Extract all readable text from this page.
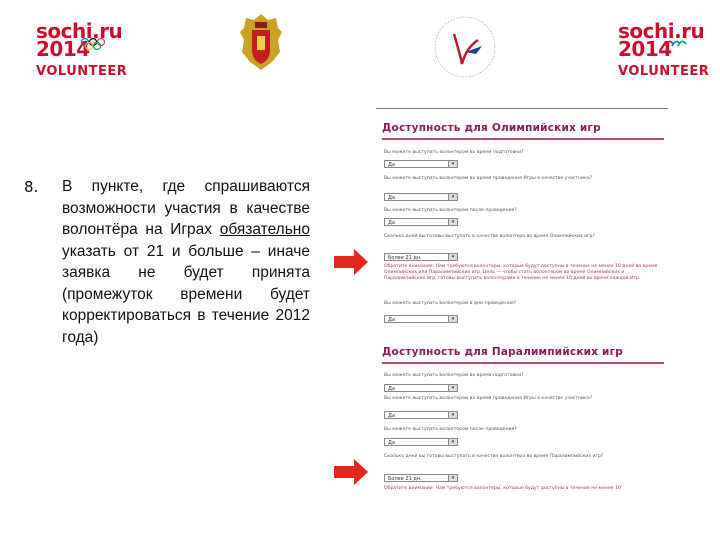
sochi.ru
2014
VOLUNTEER
sochi.ru
2014
VOLUNTEER
8. В пункте, где спрашиваются возможности участия в качестве волонтёра на Играх обязательно указать от 21 и больше – иначе заявка не будет принята (промежуток времени будет корректироваться в течение 2012 года)
Доступность для Олимпийских игр
Вы можете выступать волонтером во время подготовки?
Да	▾
Вы можете выступать волонтером во время проведения Игры в качестве участника?
Да	▾
Вы можете выступать волонтером после проведения?
Да	▾
Сколько дней вы готовы выступать в качестве волонтера во время Олимпийских игр?
Более 21 дн.	▾
Обратите внимание: Нам требуются волонтеры, которые будут доступны в течение не менее 10 дней во время Олимпийских или Паралимпийских игр. Цель — чтобы стать волонтером во время Олимпийских и Паралимпийских игр, готовы выступать волонтерами в течение не менее 10 дней во время каждой Игр.
Вы можете выступать волонтером в дни проведения?
Да	▾
Доступность для Паралимпийских игр
Вы можете выступать волонтером во время подготовки?
Да	▾
Вы можете выступать волонтером во время проведения Игры в качестве участника?
Да	▾
Вы можете выступать волонтером после проведения?
Да	▾
Сколько дней вы готовы выступать в качестве волонтера во время Паралимпийских игр?
Более 21 дн.	▾
Обратите внимание: Нам требуются волонтеры, которые будут доступны в течение не менее 10
